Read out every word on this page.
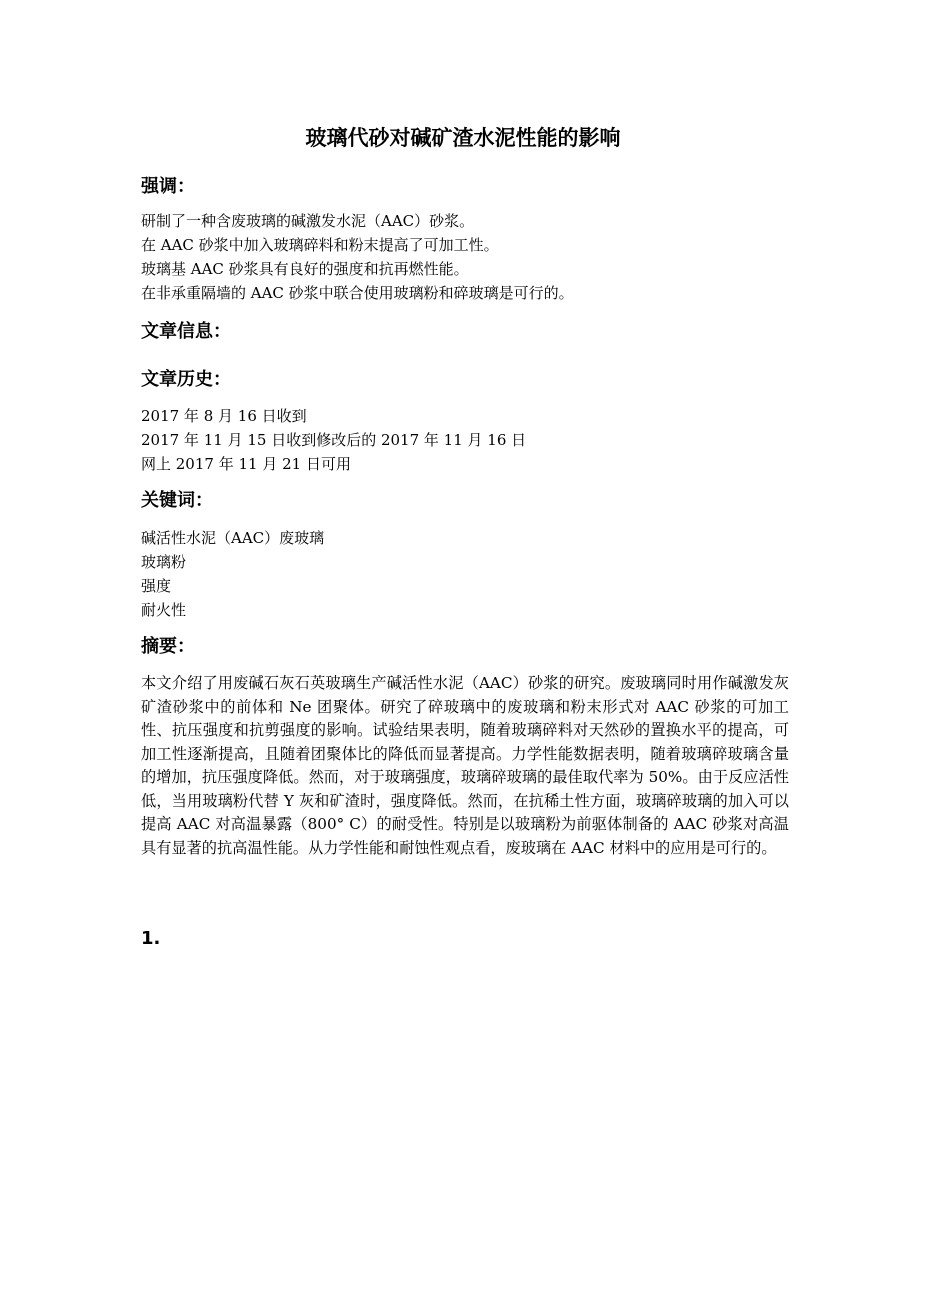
玻璃代砂对碱矿渣水泥性能的影响
强调：
研制了一种含废玻璃的碱激发水泥（AAC）砂浆。
在 AAC 砂浆中加入玻璃碎料和粉末提高了可加工性。
玻璃基 AAC 砂浆具有良好的强度和抗再燃性能。
在非承重隔墙的 AAC 砂浆中联合使用玻璃粉和碎玻璃是可行的。
文章信息：
文章历史：
2017 年 8 月 16 日收到
2017 年 11 月 15 日收到修改后的 2017 年 11 月 16 日
网上 2017 年 11 月 21 日可用
关键词：
碱活性水泥（AAC）废玻璃
玻璃粉
强度
耐火性
摘要：
本文介绍了用废碱石灰石英玻璃生产碱活性水泥（AAC）砂浆的研究。废玻璃同时用作碱激发灰矿渣砂浆中的前体和 Ne 团聚体。研究了碎玻璃中的废玻璃和粉末形式对 AAC 砂浆的可加工性、抗压强度和抗剪强度的影响。试验结果表明，随着玻璃碎料对天然砂的置换水平的提高，可加工性逐渐提高，且随着团聚体比的降低而显著提高。力学性能数据表明，随着玻璃碎玻璃含量的增加，抗压强度降低。然而，对于玻璃强度，玻璃碎玻璃的最佳取代率为 50%。由于反应活性低，当用玻璃粉代替 Y 灰和矿渣时，强度降低。然而，在抗稀土性方面，玻璃碎玻璃的加入可以提高 AAC 对高温暴露（800° C）的耐受性。特别是以玻璃粉为前驱体制备的 AAC 砂浆对高温具有显著的抗高温性能。从力学性能和耐蚀性观点看，废玻璃在 AAC 材料中的应用是可行的。
1.
